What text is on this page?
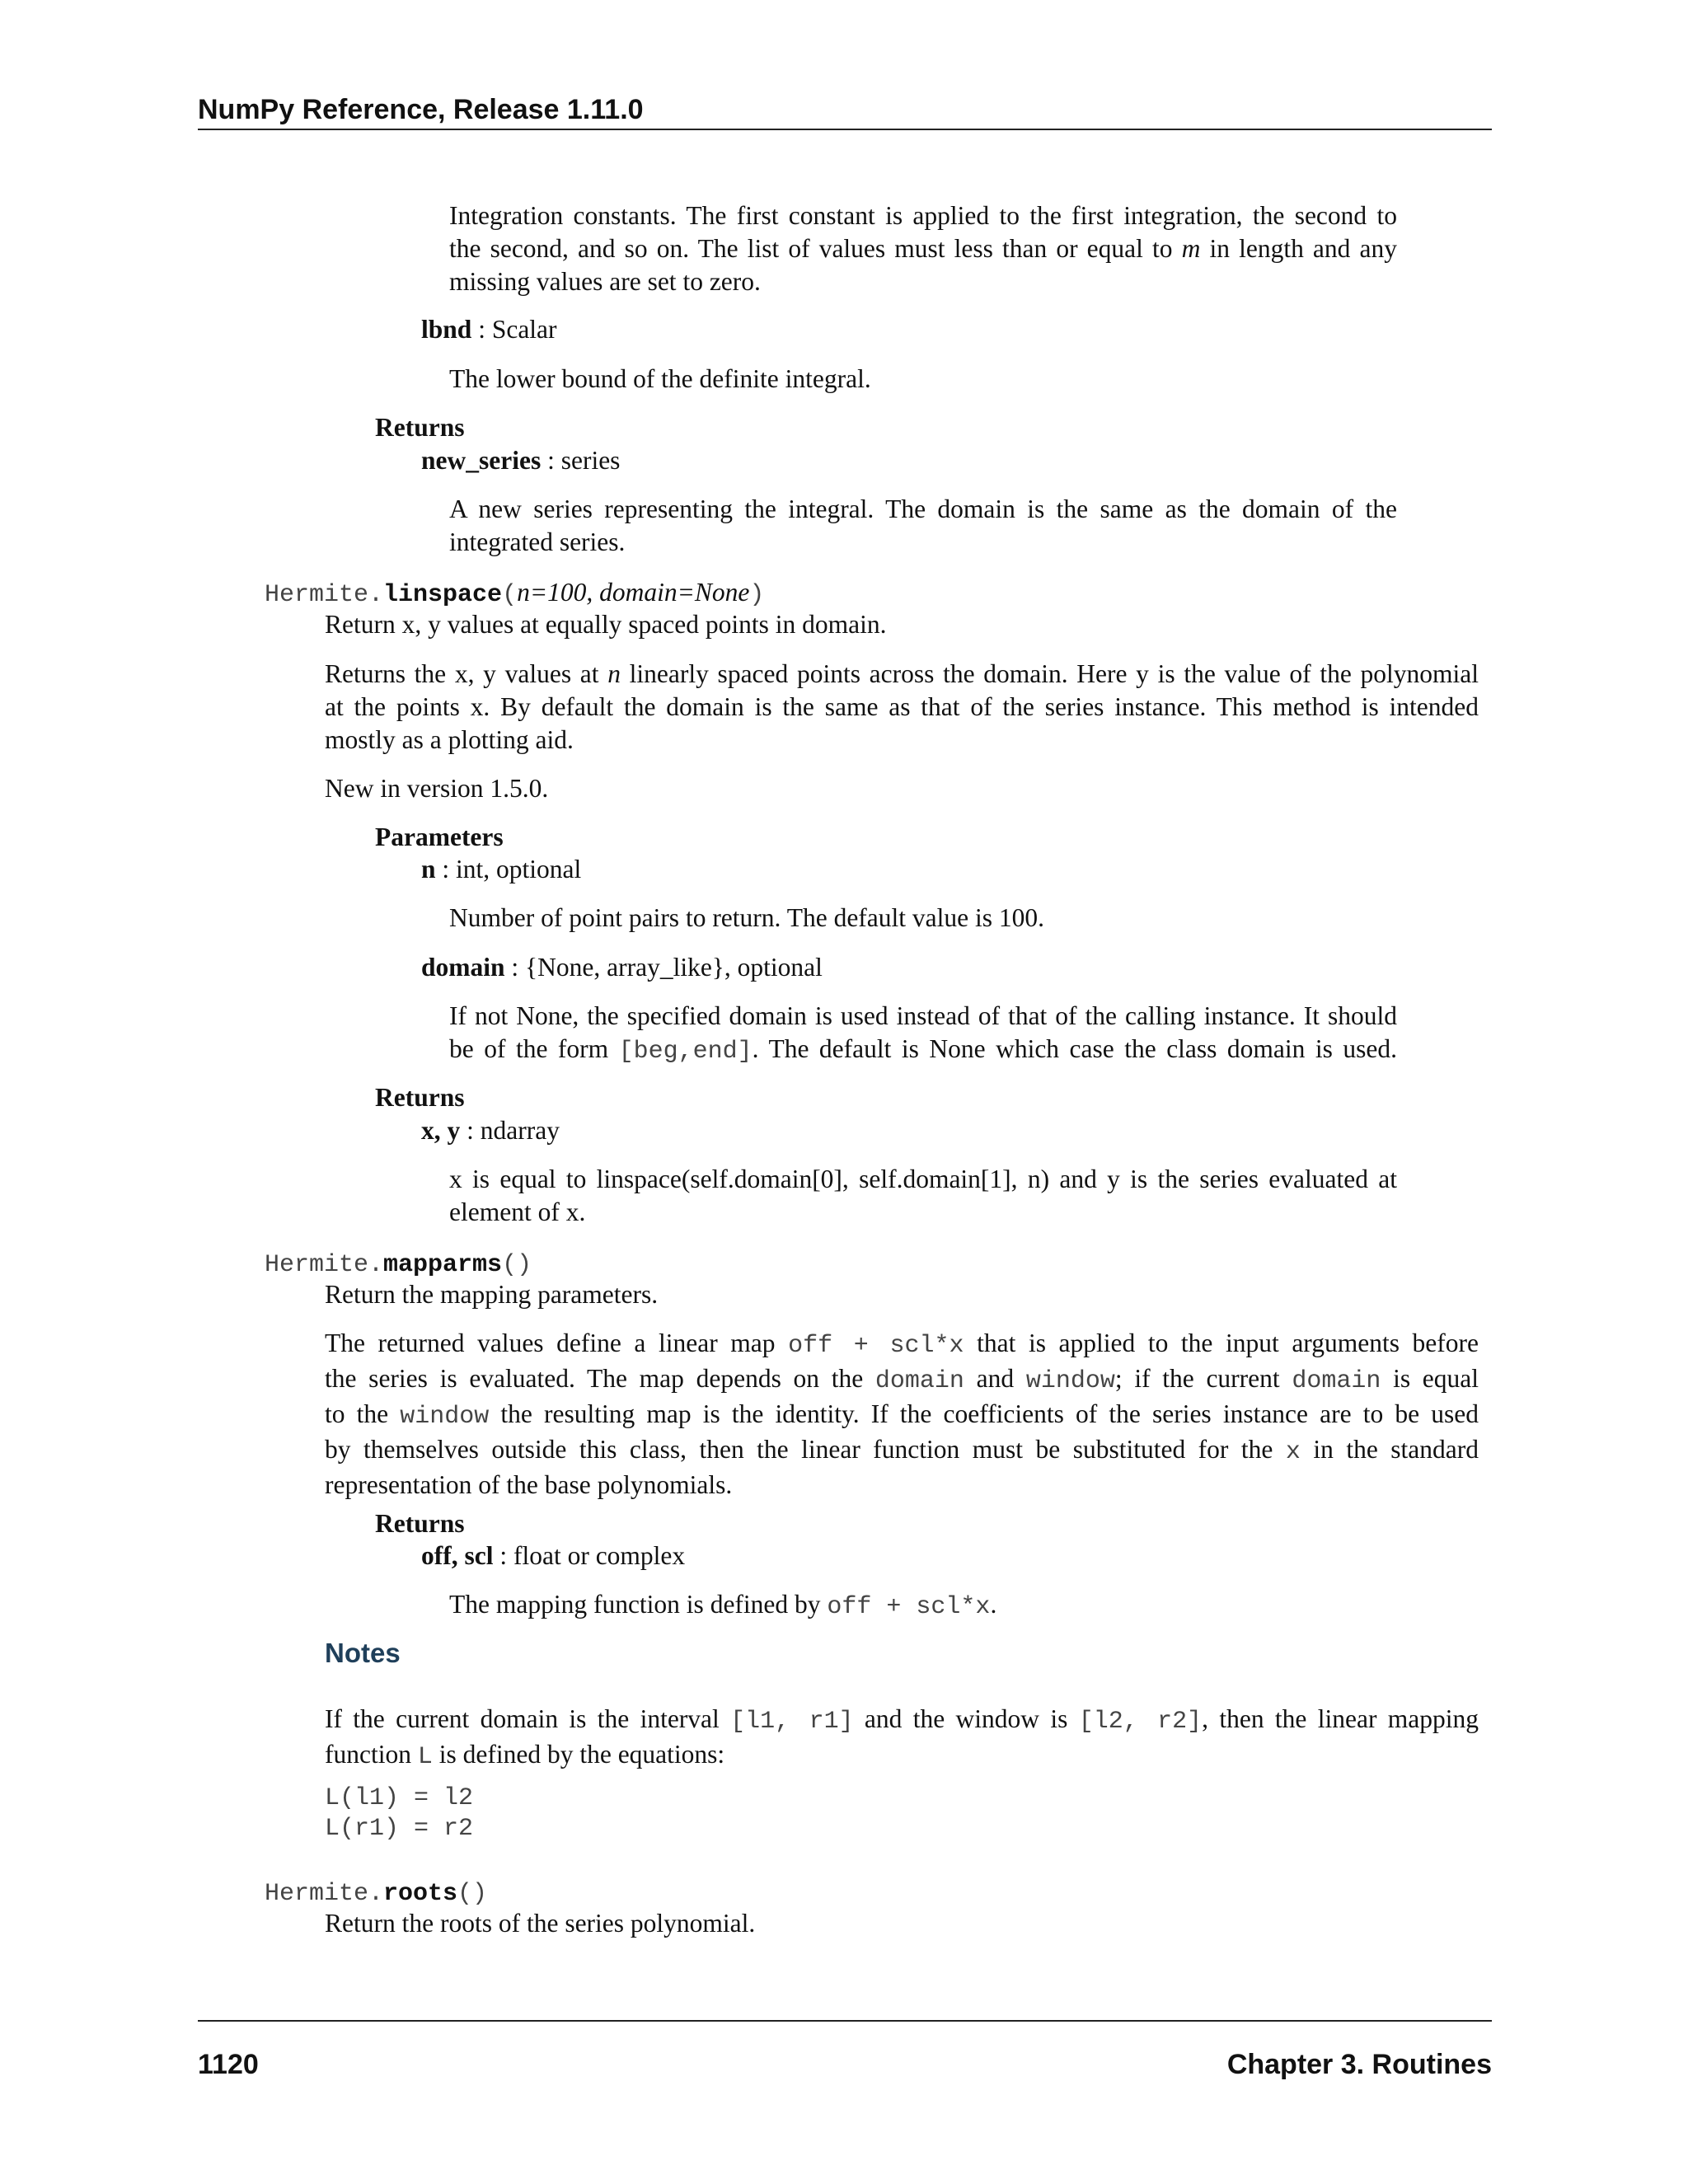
NumPy Reference, Release 1.11.0
Integration constants. The first constant is applied to the first integration, the second to
the second, and so on. The list of values must less than or equal to m in length and any
missing values are set to zero.
lbnd : Scalar
The lower bound of the definite integral.
Returns
new_series : series
A new series representing the integral. The domain is the same as the domain of the
integrated series.
Hermite.linspace(n=100, domain=None)
Return x, y values at equally spaced points in domain.
Returns the x, y values at n linearly spaced points across the domain. Here y is the value of the polynomial
at the points x. By default the domain is the same as that of the series instance. This method is intended
mostly as a plotting aid.
New in version 1.5.0.
Parameters
n : int, optional
Number of point pairs to return. The default value is 100.
domain : {None, array_like}, optional
If not None, the specified domain is used instead of that of the calling instance. It should
be of the form [beg,end]. The default is None which case the class domain is used.
Returns
x, y : ndarray
x is equal to linspace(self.domain[0], self.domain[1], n) and y is the series evaluated at
element of x.
Hermite.mapparms()
Return the mapping parameters.
The returned values define a linear map off + scl*x that is applied to the input arguments before
the series is evaluated. The map depends on the domain and window; if the current domain is equal
to the window the resulting map is the identity. If the coefficients of the series instance are to be used
by themselves outside this class, then the linear function must be substituted for the x in the standard
representation of the base polynomials.
Returns
off, scl : float or complex
The mapping function is defined by off + scl*x.
Notes
If the current domain is the interval [l1, r1] and the window is [l2, r2], then the linear mapping
function L is defined by the equations:
L(l1) = l2
L(r1) = r2
Hermite.roots()
Return the roots of the series polynomial.
1120	Chapter 3. Routines
